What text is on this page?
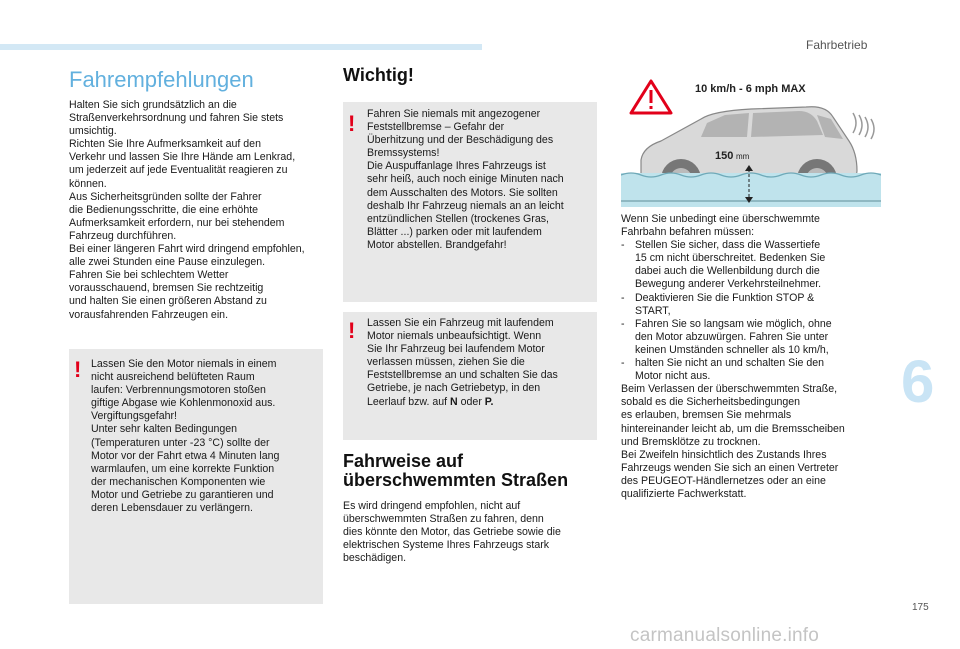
Fahrbetrieb
6
Fahrempfehlungen
Halten Sie sich grundsätzlich an die
Straßenverkehrsordnung und fahren Sie stets
umsichtig.
Richten Sie Ihre Aufmerksamkeit auf den
Verkehr und lassen Sie Ihre Hände am Lenkrad,
um jederzeit auf jede Eventualität reagieren zu
können.
Aus Sicherheitsgründen sollte der Fahrer
die Bedienungsschritte, die eine erhöhte
Aufmerksamkeit erfordern, nur bei stehendem
Fahrzeug durchführen.
Bei einer längeren Fahrt wird dringend empfohlen,
alle zwei Stunden eine Pause einzulegen.
Fahren Sie bei schlechtem Wetter
vorausschauend, bremsen Sie rechtzeitig
und halten Sie einen größeren Abstand zu
vorausfahrenden Fahrzeugen ein.
! Lassen Sie den Motor niemals in einem
nicht ausreichend belüfteten Raum
laufen: Verbrennungsmotoren stoßen
giftige Abgase wie Kohlenmonoxid aus.
Vergiftungsgefahr!
Unter sehr kalten Bedingungen
(Temperaturen unter -23 °C) sollte der
Motor vor der Fahrt etwa 4 Minuten lang
warmlaufen, um eine korrekte Funktion
der mechanischen Komponenten wie
Motor und Getriebe zu garantieren und
deren Lebensdauer zu verlängern.
Wichtig!
! Fahren Sie niemals mit angezogener
Feststellbremse – Gefahr der
Überhitzung und der Beschädigung des
Bremssystems!
Die Auspuffanlage Ihres Fahrzeugs ist
sehr heiß, auch noch einige Minuten nach
dem Ausschalten des Motors. Sie sollten
deshalb Ihr Fahrzeug niemals an an leicht
entzündlichen Stellen (trockenes Gras,
Blätter ...) parken oder mit laufendem
Motor abstellen. Brandgefahr!
! Lassen Sie ein Fahrzeug mit laufendem
Motor niemals unbeaufsichtigt. Wenn
Sie Ihr Fahrzeug bei laufendem Motor
verlassen müssen, ziehen Sie die
Feststellbremse an und schalten Sie das
Getriebe, je nach Getriebetyp, in den
Leerlauf bzw. auf N oder P.
Fahrweise auf
überschwemmten Straßen
Es wird dringend empfohlen, nicht auf
überschwemmten Straßen zu fahren, denn
dies könnte den Motor, das Getriebe sowie die
elektrischen Systeme Ihres Fahrzeugs stark
beschädigen.
150 mm
10 km/h - 6 mph MAX
Wenn Sie unbedingt eine überschwemmte
Fahrbahn befahren müssen:
- Stellen Sie sicher, dass die Wassertiefe
15 cm nicht überschreitet. Bedenken Sie
dabei auch die Wellenbildung durch die
Bewegung anderer Verkehrsteilnehmer.
- Deaktivieren Sie die Funktion STOP &
START,
- Fahren Sie so langsam wie möglich, ohne
den Motor abzuwürgen. Fahren Sie unter
keinen Umständen schneller als 10 km/h,
- halten Sie nicht an und schalten Sie den
Motor nicht aus.
Beim Verlassen der überschwemmten Straße,
sobald es die Sicherheitsbedingungen
es erlauben, bremsen Sie mehrmals
hintereinander leicht ab, um die Bremsscheiben
und Bremsklötze zu trocknen.
Bei Zweifeln hinsichtlich des Zustands Ihres
Fahrzeugs wenden Sie sich an einen Vertreter
des PEUGEOT-Händlernetzes oder an eine
qualifizierte Fachwerkstatt.
175
carmanualsonline.info
